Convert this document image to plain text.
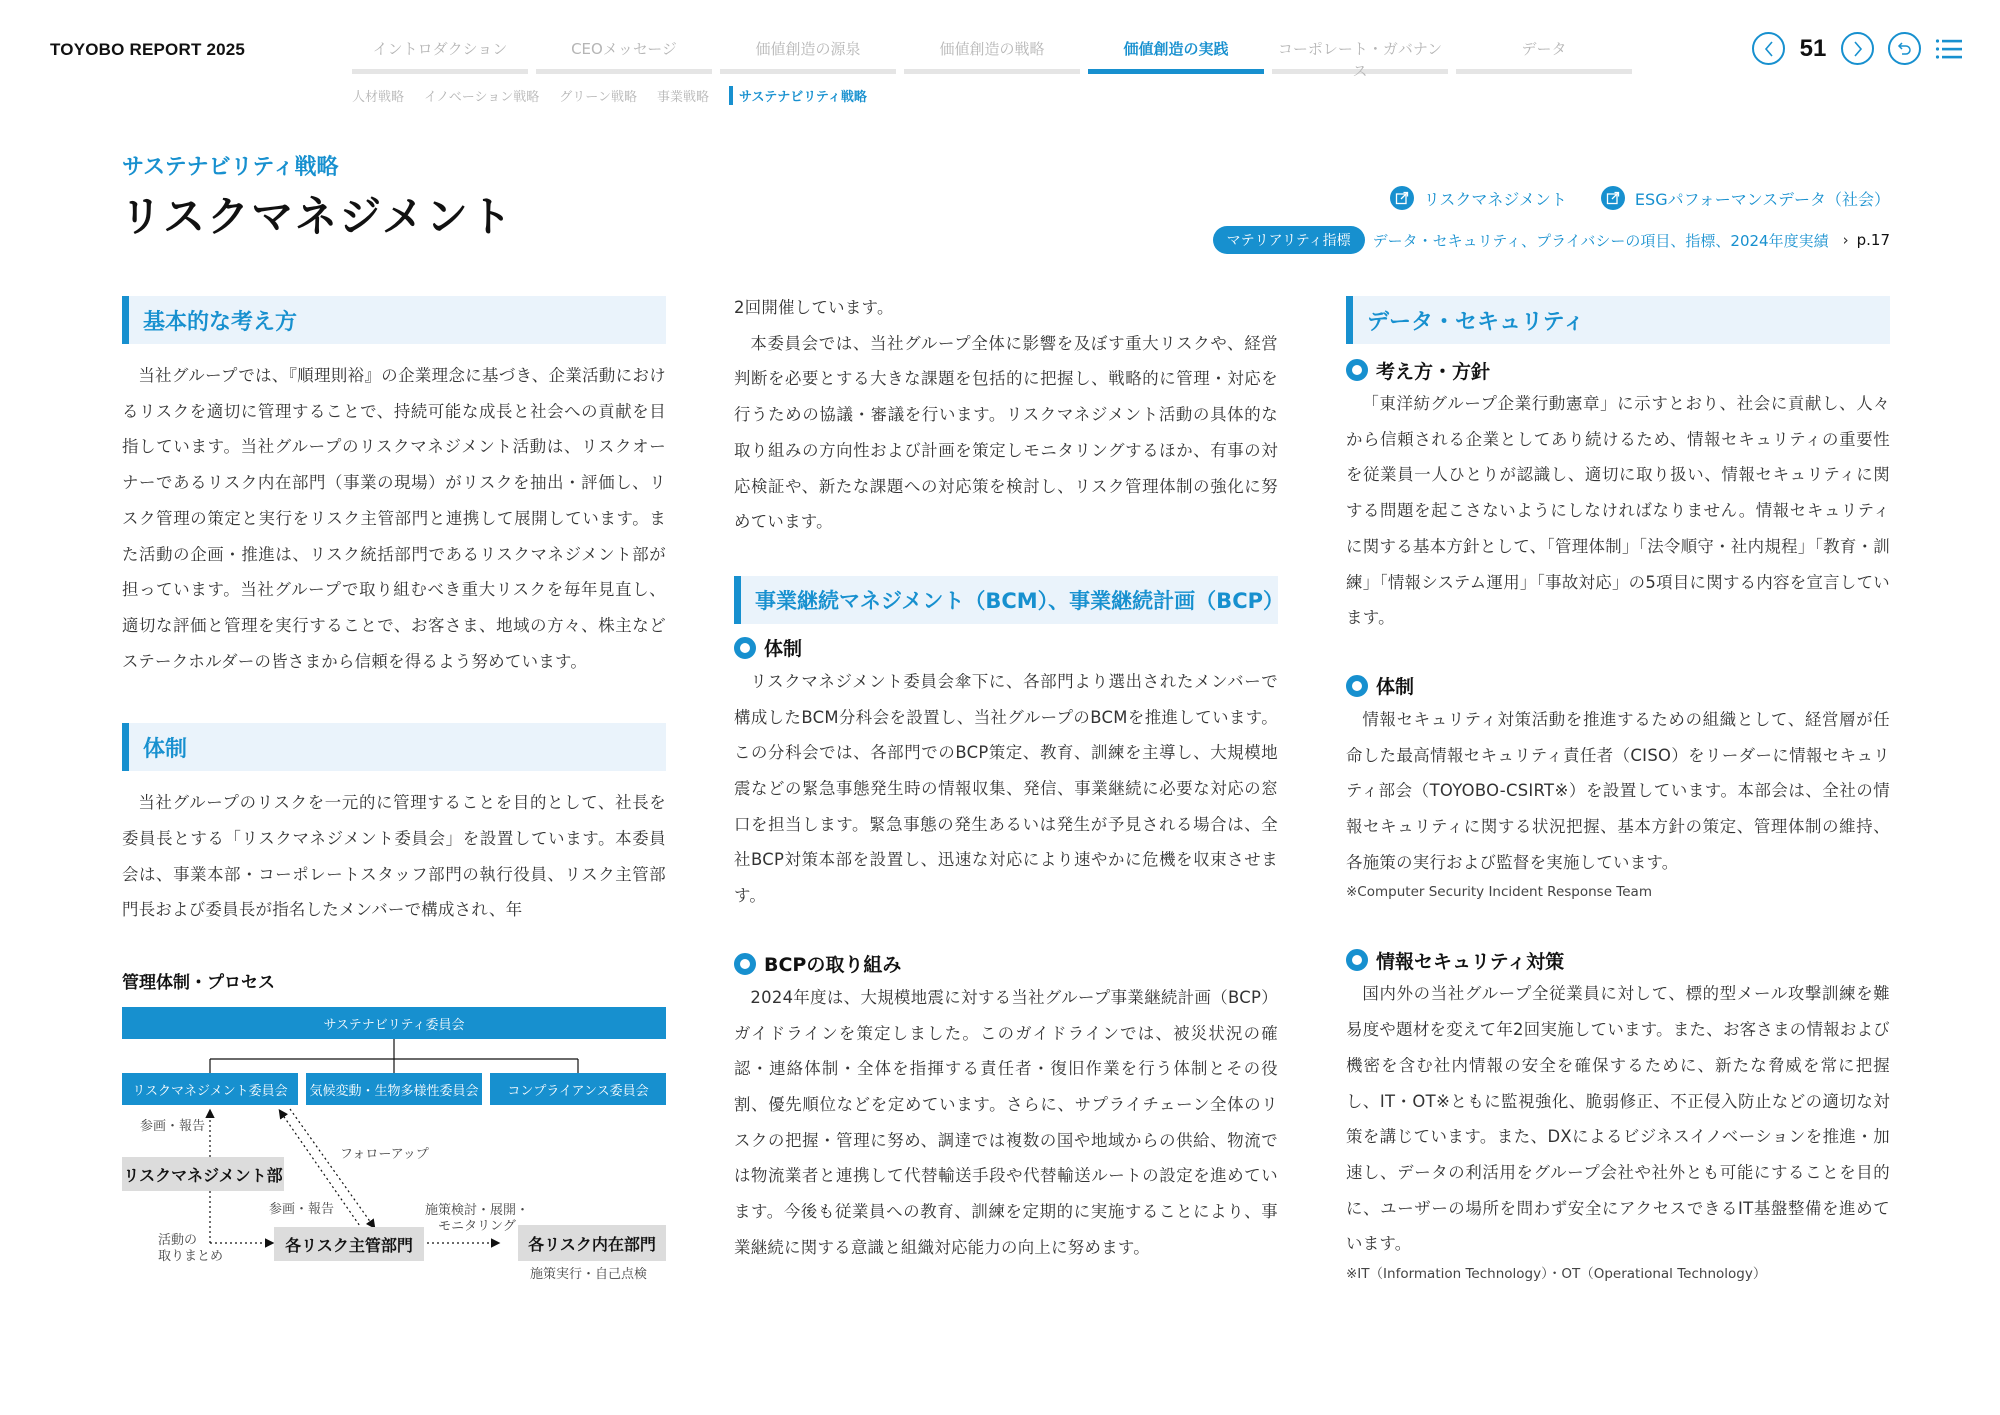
TOYOBO REPORT 2025	イントロダクション	CEOメッセージ	価値創造の源泉	価値創造の戦略	価値創造の実践	コーポレート・ガバナンス
データ
人材戦略 イノベーション戦略 グリーン戦略 事業戦略	サステナビリティ戦略
51
サステナビリティ戦略
リスクマネジメント	リスクマネジメント	ESGパフォーマンスデータ（社会）
マテリアリティ指標	データ・セキュリティ、プライバシーの項目、指標、2024年度実績 › p.17
基本的な考え方

当社グループでは、『順理則裕』の企業理念に基づき、企業活動におけるリスクを適切に管理することで、持続可能な成長と社会への貢献を目指しています。当社グループのリスクマネジメント活動は、リスクオーナーであるリスク内在部門（事業の現場）がリスクを抽出・評価し、リスク管理の策定と実行をリスク主管部門と連携して展開しています。また活動の企画・推進は、リスク統括部門であるリスクマネジメント部が担っています。当社グループで取り組むべき重大リスクを毎年見直し、適切な評価と管理を実行することで、お客さま、地域の方々、株主などステークホルダーの皆さまから信頼を得るよう努めています。

体制

当社グループのリスクを一元的に管理することを目的として、社長を委員長とする「リスクマネジメント委員会」を設置しています。本委員会は、事業本部・コーポレートスタッフ部門の執行役員、リスク主管部門長および委員長が指名したメンバーで構成され、年

管理体制・プロセス
サステナビリティ委員会
リスクマネジメント委員会	気候変動・生物多様性委員会	コンプライアンス委員会
参画・報告
リスクマネジメント部
フォローアップ
参画・報告
活動の
取りまとめ
各リスク主管部門
施策検討・展開・
モニタリング
各リスク内在部門
施策実行・自己点検

2回開催しています。

本委員会では、当社グループ全体に影響を及ぼす重大リスクや、経営判断を必要とする大きな課題を包括的に把握し、戦略的に管理・対応を行うための協議・審議を行います。リスクマネジメント活動の具体的な取り組みの方向性および計画を策定しモニタリングするほか、有事の対応検証や、新たな課題への対応策を検討し、リスク管理体制の強化に努めています。

事業継続マネジメント（BCM）、事業継続計画（BCP）
体制

リスクマネジメント委員会傘下に、各部門より選出されたメンバーで構成したBCM分科会を設置し、当社グループのBCMを推進しています。この分科会では、各部門でのBCP策定、教育、訓練を主導し、大規模地震などの緊急事態発生時の情報収集、発信、事業継続に必要な対応の窓口を担当します。緊急事態の発生あるいは発生が予見される場合は、全社BCP対策本部を設置し、迅速な対応により速やかに危機を収束させます。

BCPの取り組み

2024年度は、大規模地震に対する当社グループ事業継続計画（BCP）ガイドラインを策定しました。このガイドラインでは、被災状況の確認・連絡体制・全体を指揮する責任者・復旧作業を行う体制とその役割、優先順位などを定めています。さらに、サプライチェーン全体のリスクの把握・管理に努め、調達では複数の国や地域からの供給、物流では物流業者と連携して代替輸送手段や代替輸送ルートの設定を進めています。今後も従業員への教育、訓練を定期的に実施することにより、事業継続に関する意識と組織対応能力の向上に努めます。

データ・セキュリティ
考え方・方針

「東洋紡グループ企業行動憲章」に示すとおり、社会に貢献し、人々から信頼される企業としてあり続けるため、情報セキュリティの重要性を従業員一人ひとりが認識し、適切に取り扱い、情報セキュリティに関する問題を起こさないようにしなければなりません。情報セキュリティに関する基本方針として、「管理体制」「法令順守・社内規程」「教育・訓練」「情報システム運用」「事故対応」の5項目に関する内容を宣言しています。

体制

情報セキュリティ対策活動を推進するための組織として、経営層が任命した最高情報セキュリティ責任者（CISO）をリーダーに情報セキュリティ部会（TOYOBO-CSIRT※）を設置しています。本部会は、全社の情報セキュリティに関する状況把握、基本方針の策定、管理体制の維持、各施策の実行および監督を実施しています。

※Computer Security Incident Response Team
情報セキュリティ対策

国内外の当社グループ全従業員に対して、標的型メール攻撃訓練を難易度や題材を変えて年2回実施しています。また、お客さまの情報および機密を含む社内情報の安全を確保するために、新たな脅威を常に把握し、IT・OT※ともに監視強化、脆弱修正、不正侵入防止などの適切な対策を講じています。また、DXによるビジネスイノベーションを推進・加速し、データの利活用をグループ会社や社外とも可能にすることを目的に、ユーザーの場所を問わず安全にアクセスできるIT基盤整備を進めています。

※IT（Information Technology）・OT（Operational Technology）
